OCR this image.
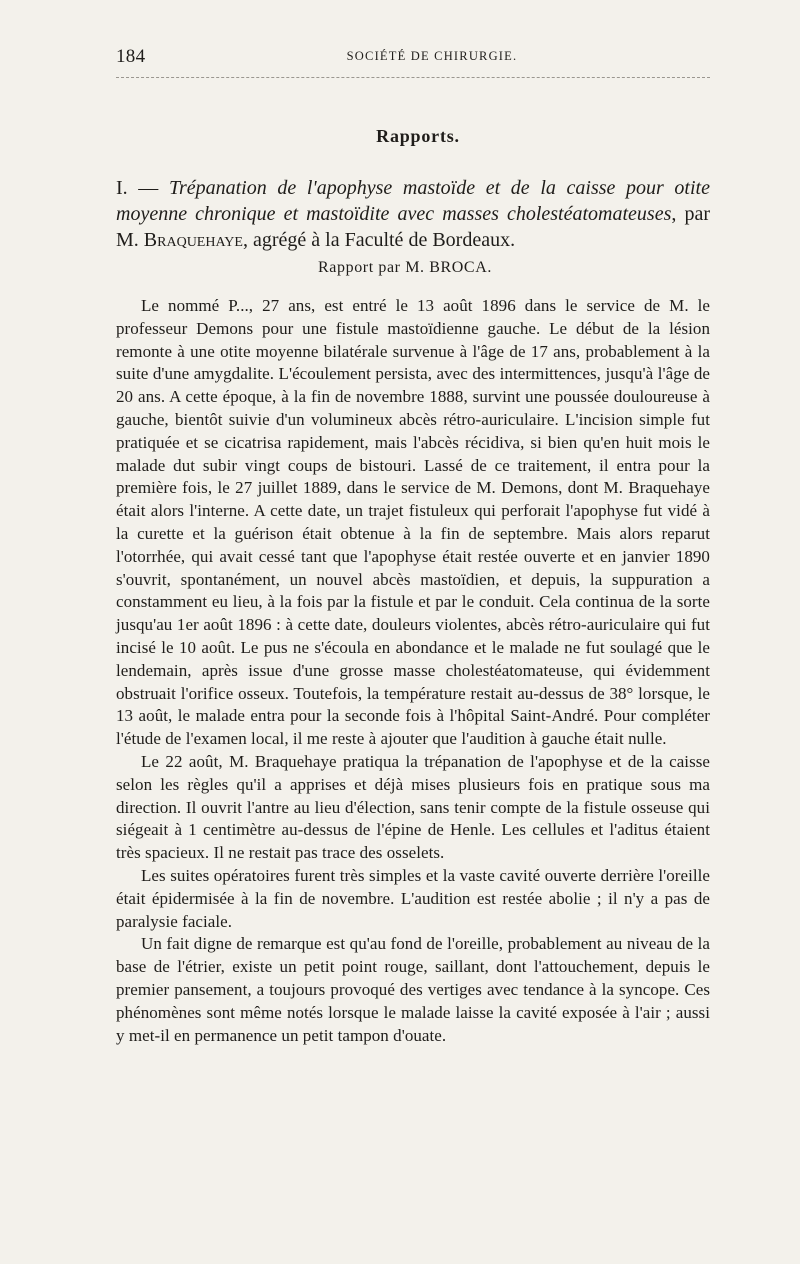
184	SOCIÉTÉ DE CHIRURGIE.
Rapports.
I. — Trépanation de l'apophyse mastoïde et de la caisse pour otite moyenne chronique et mastoïdite avec masses cholestéatomateuses, par M. Braquehaye, agrégé à la Faculté de Bordeaux.
Rapport par M. BROCA.

Le nommé P..., 27 ans, est entré le 13 août 1896 dans le service de M. le professeur Demons pour une fistule mastoïdienne gauche. Le début de la lésion remonte à une otite moyenne bilatérale survenue à l'âge de 17 ans, probablement à la suite d'une amygdalite. L'écoulement persista, avec des intermittences, jusqu'à l'âge de 20 ans. A cette époque, à la fin de novembre 1888, survint une poussée douloureuse à gauche, bientôt suivie d'un volumineux abcès rétro-auriculaire. L'incision simple fut pratiquée et se cicatrisa rapidement, mais l'abcès récidiva, si bien qu'en huit mois le malade dut subir vingt coups de bistouri. Lassé de ce traitement, il entra pour la première fois, le 27 juillet 1889, dans le service de M. Demons, dont M. Braquehaye était alors l'interne. A cette date, un trajet fistuleux qui perforait l'apophyse fut vidé à la curette et la guérison était obtenue à la fin de septembre. Mais alors reparut l'otorrhée, qui avait cessé tant que l'apophyse était restée ouverte et en janvier 1890 s'ouvrit, spontanément, un nouvel abcès mastoïdien, et depuis, la suppuration a constamment eu lieu, à la fois par la fistule et par le conduit. Cela continua de la sorte jusqu'au 1er août 1896 : à cette date, douleurs violentes, abcès rétro-auriculaire qui fut incisé le 10 août. Le pus ne s'écoula en abondance et le malade ne fut soulagé que le lendemain, après issue d'une grosse masse cholestéatomateuse, qui évidemment obstruait l'orifice osseux. Toutefois, la température restait au-dessus de 38° lorsque, le 13 août, le malade entra pour la seconde fois à l'hôpital Saint-André. Pour compléter l'étude de l'examen local, il me reste à ajouter que l'audition à gauche était nulle.

Le 22 août, M. Braquehaye pratiqua la trépanation de l'apophyse et de la caisse selon les règles qu'il a apprises et déjà mises plusieurs fois en pratique sous ma direction. Il ouvrit l'antre au lieu d'élection, sans tenir compte de la fistule osseuse qui siégeait à 1 centimètre au-dessus de l'épine de Henle. Les cellules et l'aditus étaient très spacieux. Il ne restait pas trace des osselets.

Les suites opératoires furent très simples et la vaste cavité ouverte derrière l'oreille était épidermisée à la fin de novembre. L'audition est restée abolie ; il n'y a pas de paralysie faciale.

Un fait digne de remarque est qu'au fond de l'oreille, probablement au niveau de la base de l'étrier, existe un petit point rouge, saillant, dont l'attouchement, depuis le premier pansement, a toujours provoqué des vertiges avec tendance à la syncope. Ces phénomènes sont même notés lorsque le malade laisse la cavité exposée à l'air ; aussi y met-il en permanence un petit tampon d'ouate.
